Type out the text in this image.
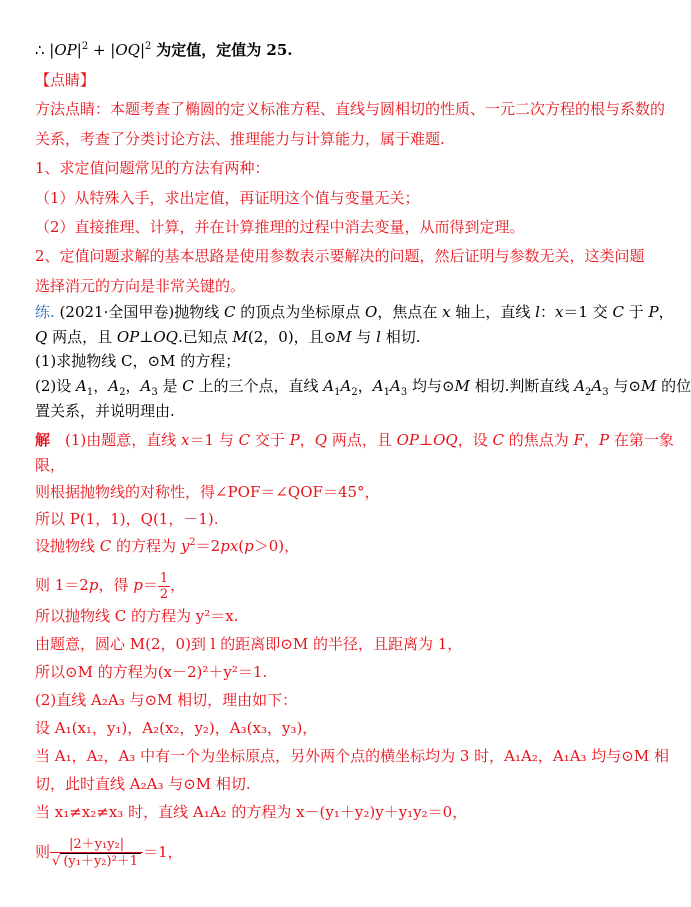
∴ $|OP|^2 + |OQ|^2$ 为定值，定值为 25.
【点睛】
方法点睛：本题考查了椭圆的定义标准方程、直线与圆相切的性质、一元二次方程的根与系数的
关系，考查了分类讨论方法、推理能力与计算能力，属于难题.
1、求定值问题常见的方法有两种：
（1）从特殊入手，求出定值，再证明这个值与变量无关；
（2）直接推理、计算，并在计算推理的过程中消去变量，从而得到定理。
2、定值问题求解的基本思路是使用参数表示要解决的问题，然后证明与参数无关，这类问题
选择消元的方向是非常关键的。
练. (2021·全国甲卷)抛物线 C 的顶点为坐标原点 O，焦点在 x 轴上，直线 l：x＝1 交 C 于 P，
Q 两点，且 OP⊥OQ.已知点 M(2，0)，且⊙M 与 l 相切.
(1)求抛物线 C，⊙M 的方程；
(2)设 $A_1$，$A_2$，$A_3$ 是 C 上的三个点，直线 $A_1A_2$，$A_1A_3$ 均与⊙M 相切.判断直线 $A_2A_3$ 与⊙M 的位
置关系，并说明理由.
解　(1)由题意，直线 x＝1 与 C 交于 P，Q 两点，且 OP⊥OQ，设 C 的焦点为 F，P 在第一象
限，
则根据抛物线的对称性，得∠POF＝∠QOF＝45°，
所以 P(1，1)，Q(1，－1).
设抛物线 C 的方程为 $y^2=2px(p>0)$，
则 1＝2p，得 $p= \frac{1}{2}$ ，
所以抛物线 C 的方程为 y²＝x.
由题意，圆心 M(2，0)到 l 的距离即⊙M 的半径，且距离为 1，
所以⊙M 的方程为(x－2)²＋y²＝1.
(2)直线 A₂A₃ 与⊙M 相切，理由如下：
设 A₁(x₁，y₁)，A₂(x₂，y₂)，A₃(x₃，y₃)，
当 A₁，A₂，A₃ 中有一个为坐标原点，另外两个点的横坐标均为 3 时，A₁A₂，A₁A₃ 均与⊙M 相
切，此时直线 A₂A₃ 与⊙M 相切.
当 x₁≠x₂≠x₃ 时，直线 A₁A₂ 的方程为 x－(y₁＋y₂)y＋y₁y₂＝0，
则 $\frac{\text{|2＋y₁y₂|}}{\text{√ (y₁＋y₂)²＋1}} =1$，
